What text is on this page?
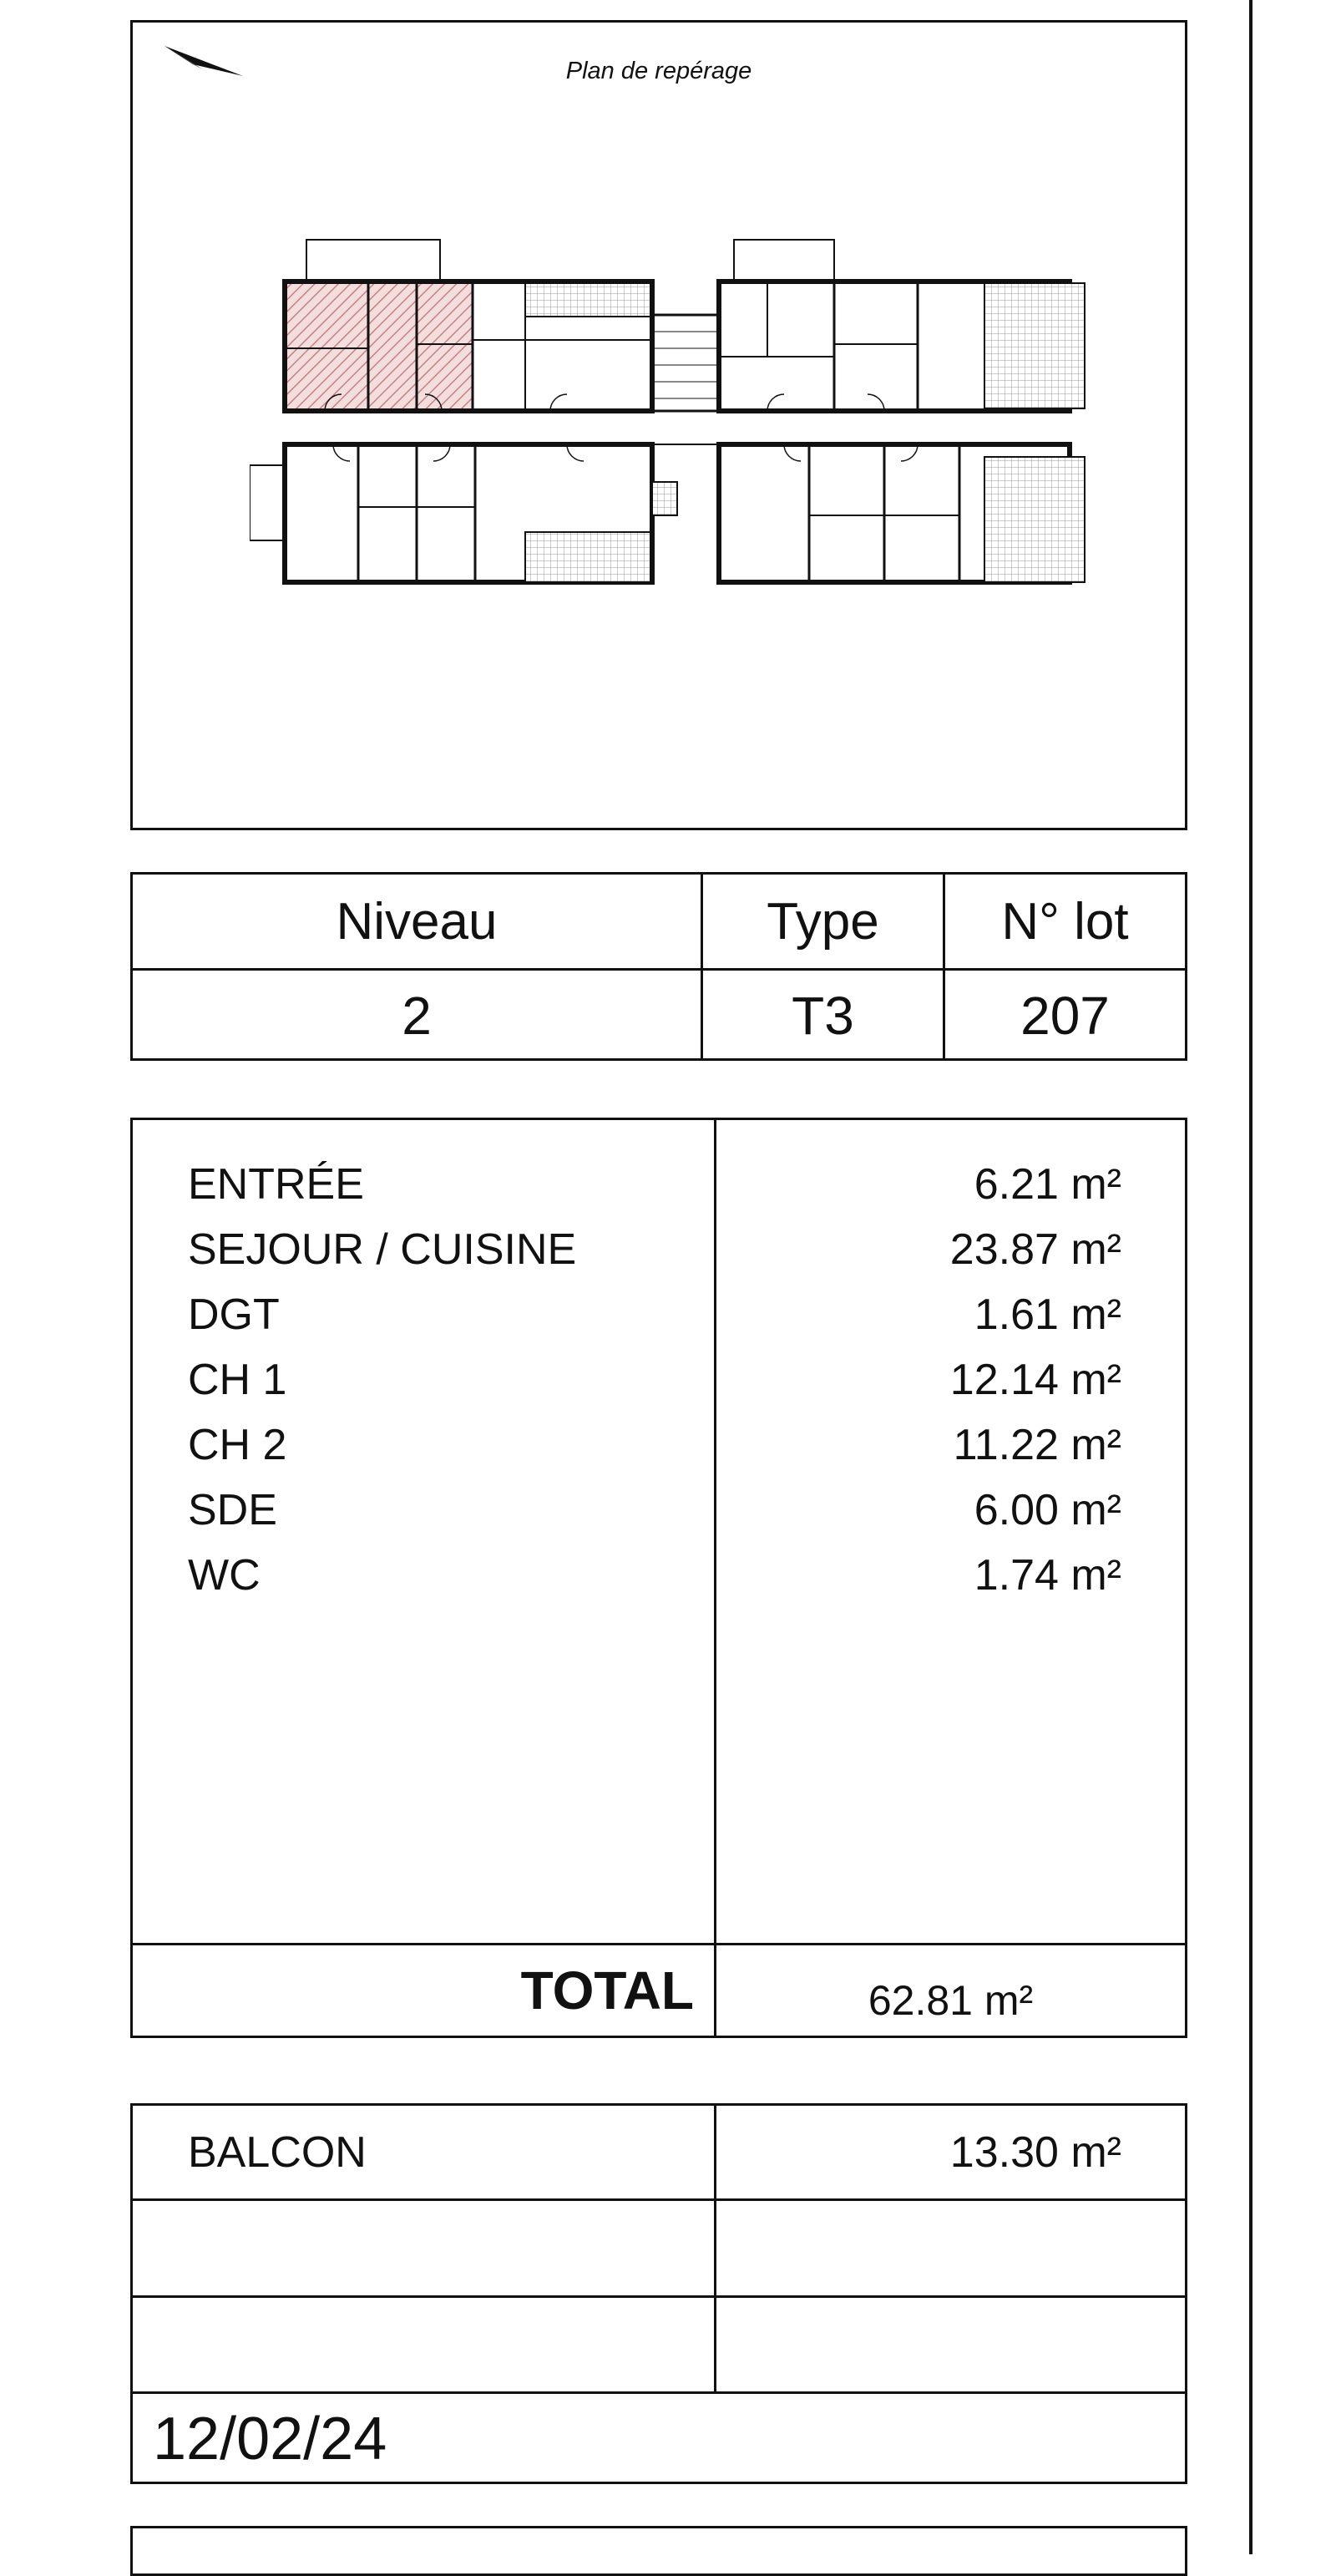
Plan de repérage
Niveau	Type	N° lot
2	T3	207
ENTRÉE	6.21 m²
SEJOUR / CUISINE	23.87 m²
DGT	1.61 m²
CH 1	12.14 m²
CH 2	11.22 m²
SDE	6.00 m²
WC	1.74 m²
TOTAL	62.81 m²
BALCON	13.30 m²
12/02/24
